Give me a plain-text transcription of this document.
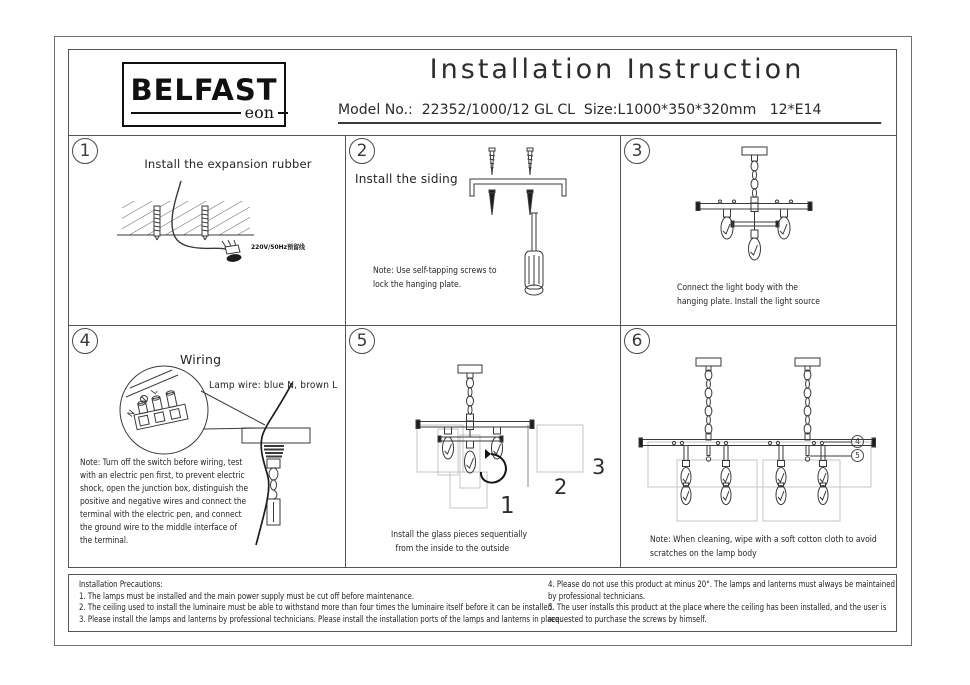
BELFAST
eon
Installation Instruction
Model No.:  22352/1000/12 GL CL  Size:L1000*350*320mm   12*E14
1
Install the expansion rubber
220V/50Hz预留线
2
Install the siding
Note: Use self-tapping screws to
lock the hanging plate.
3
Connect the light body with the
hanging plate. Install the light source
4
Wiring
Lamp wire: blue N, brown L
N
L
Note: Turn off the switch before wiring, test
with an electric pen first, to prevent electric
shock, open the junction box, distinguish the
positive and negative wires and connect the
terminal with the electric pen, and connect
the ground wire to the middle interface of
the terminal.
5
1
2
3
Install the glass pieces sequentially
from the inside to the outside
6
4
5
Note: When cleaning, wipe with a soft cotton cloth to avoid
scratches on the lamp body
Installation Precautions:
1. The lamps must be installed and the main power supply must be cut off before maintenance.
2. The ceiling used to install the luminaire must be able to withstand more than four times the luminaire itself before it can be installed.
3. Please install the lamps and lanterns by professional technicians. Please install the installation ports of the lamps and lanterns in place.
4. Please do not use this product at minus 20°. The lamps and lanterns must always be maintained by professional technicians.
5. The user installs this product at the place where the ceiling has been installed, and the user is requested to purchase the screws by himself.
